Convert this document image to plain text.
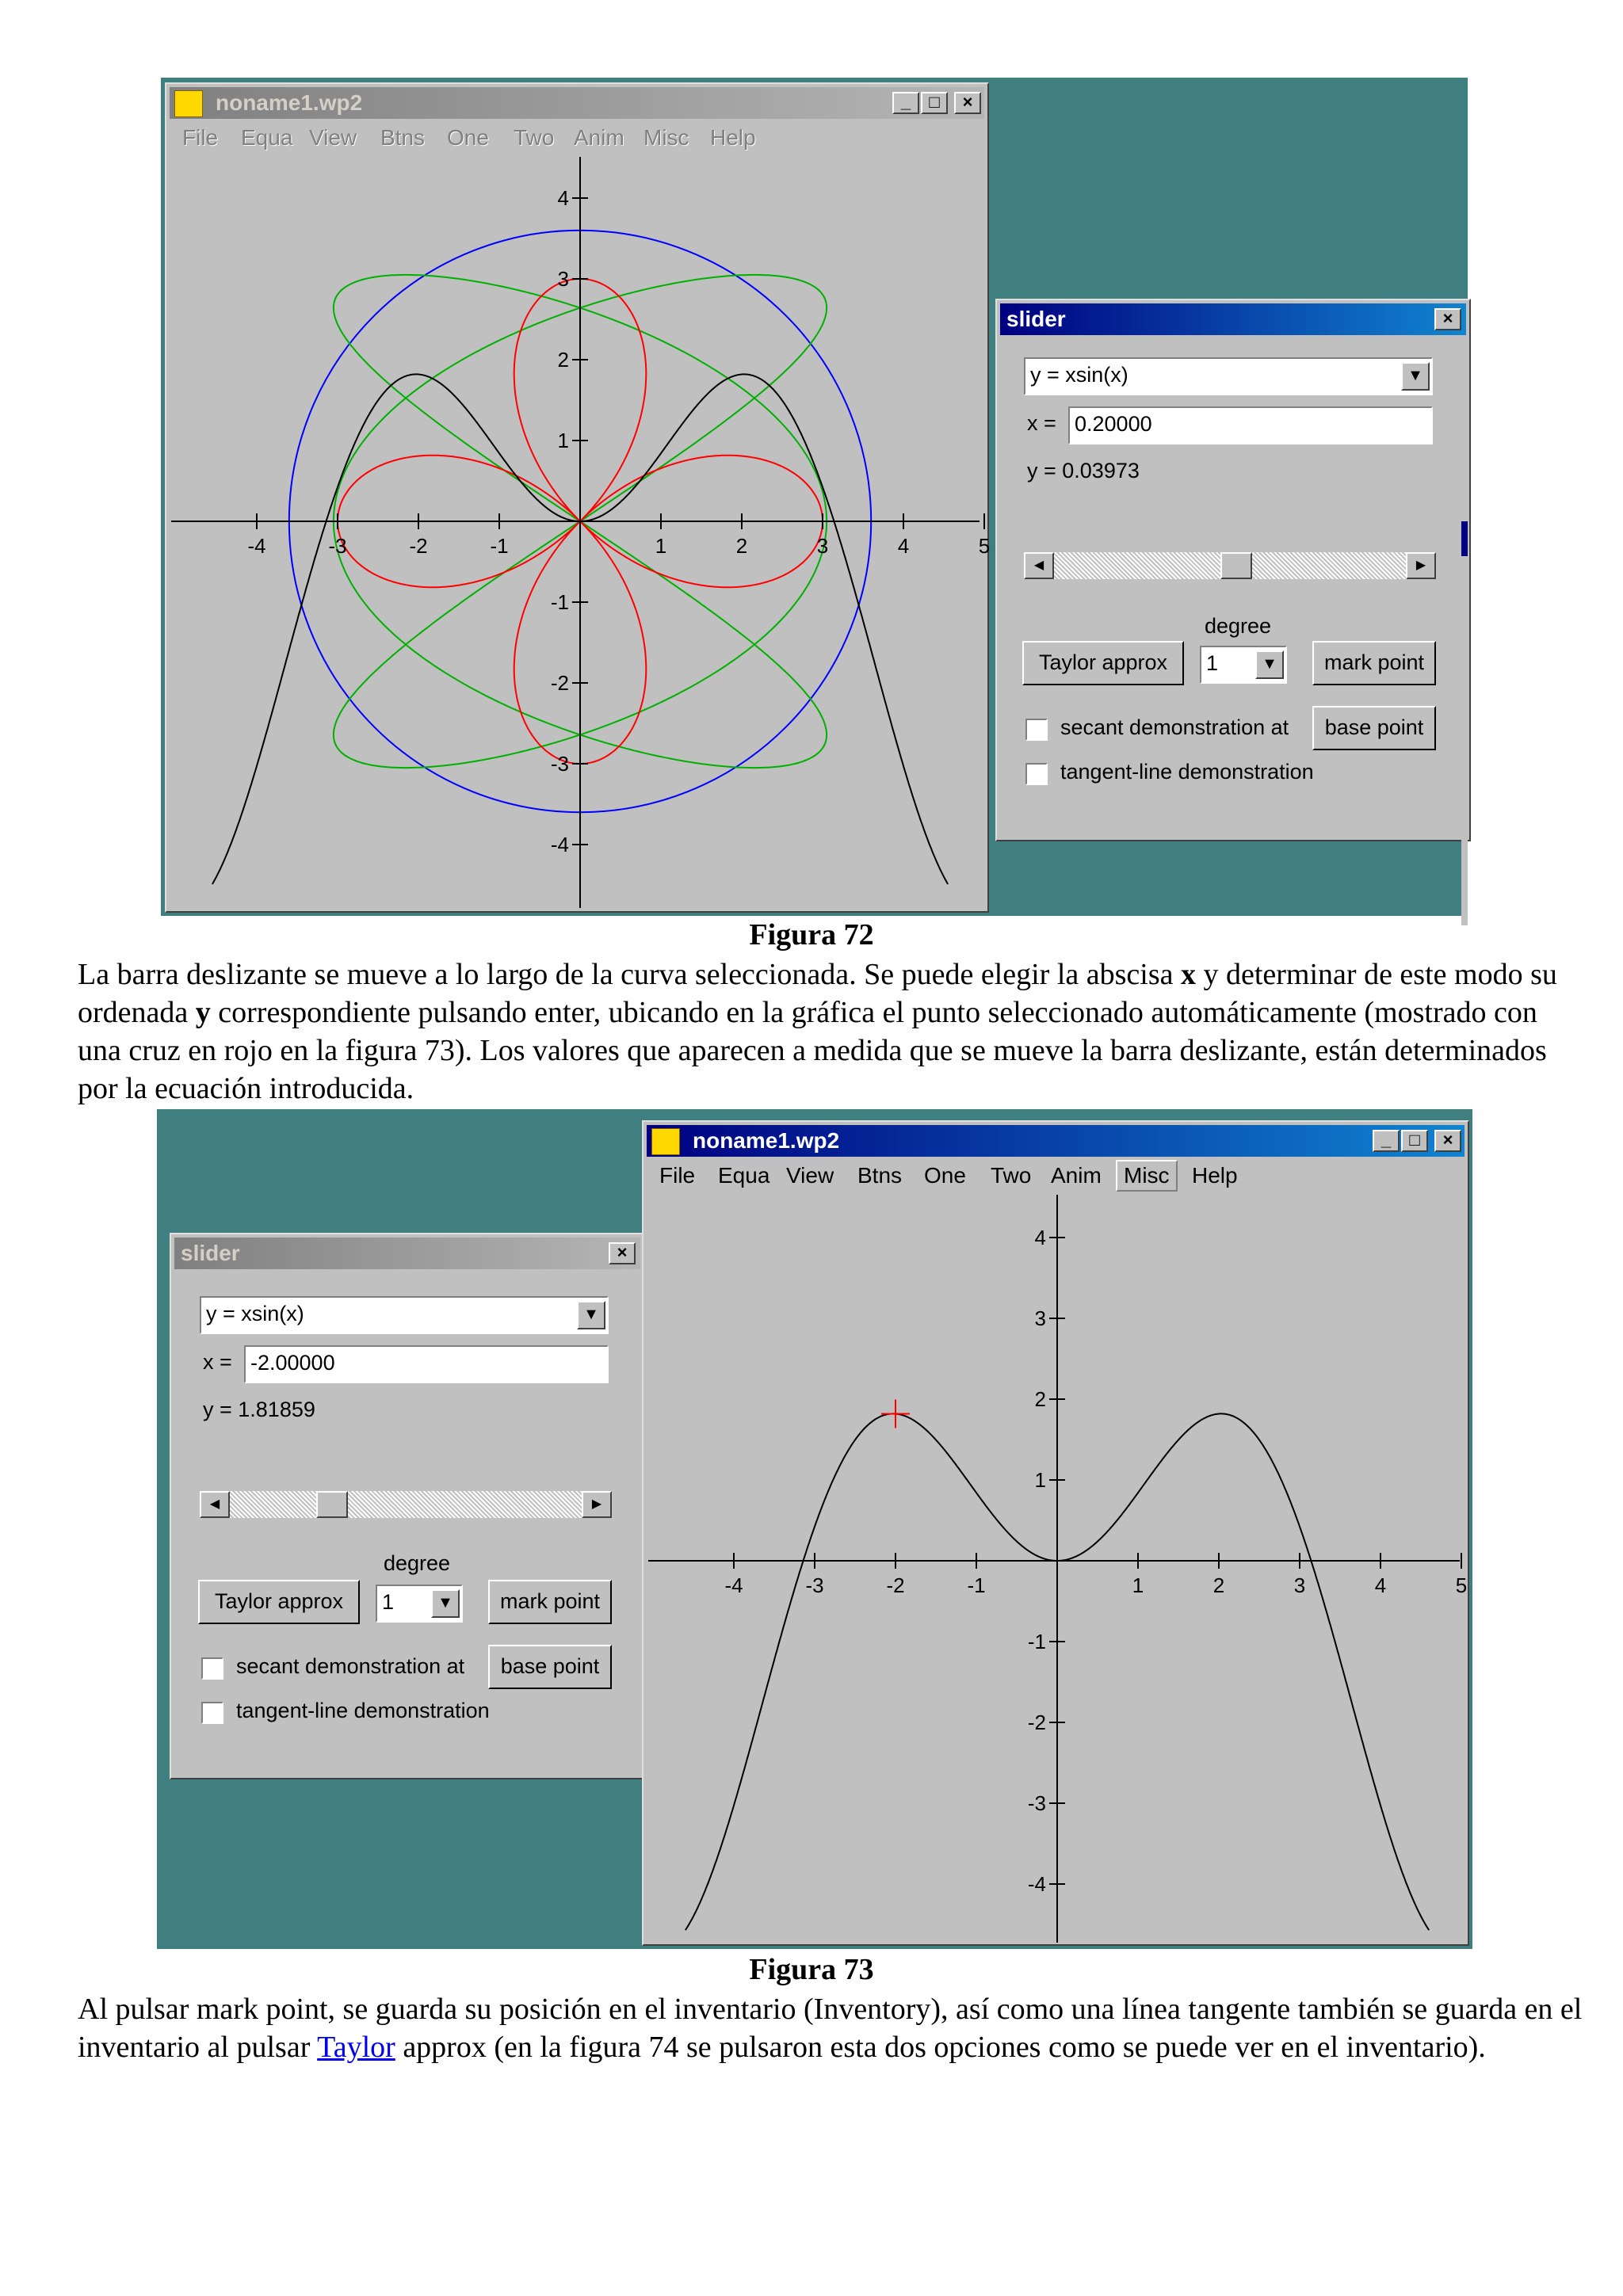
noname1.wp2	_	□	×
File Equa View Btns One Two Anim Misc Help
-4	-3	-2	-1	1	2	3	4	5
4
3
2
1
-1
-2
-3
-4
slider	×
y = xsin(x)	▼
x = 0.20000
y = 0.03973
◀	▶
degree
Taylor approx	1	▼	mark point
secant demonstration at	base point
tangent-line demonstration
Figura 72
La barra deslizante se mueve a lo largo de la curva seleccionada. Se puede elegir la abscisa x y determinar de este modo su ordenada y correspondiente pulsando enter, ubicando en la gráfica el punto seleccionado automáticamente (mostrado con una cruz en rojo en la figura 73). Los valores que aparecen a medida que se mueve la barra deslizante, están determinados por la ecuación introducida.
slider	×
y = xsin(x)	▼
x = -2.00000
y = 1.81859
◀	▶
degree
Taylor approx	1	▼	mark point
secant demonstration at	base point
tangent-line demonstration
noname1.wp2	_	□	×
File Equa View Btns One Two Anim	Misc	Help
-4	-3	-2	-1	1	2	3	4	5
4
3
2
1
-1
-2
-3
-4
Figura 73
Al pulsar mark point, se guarda su posición en el inventario (Inventory), así como una línea tangente también se guarda en el inventario al pulsar Taylor approx (en la figura 74 se pulsaron esta dos opciones como se puede ver en el inventario).
